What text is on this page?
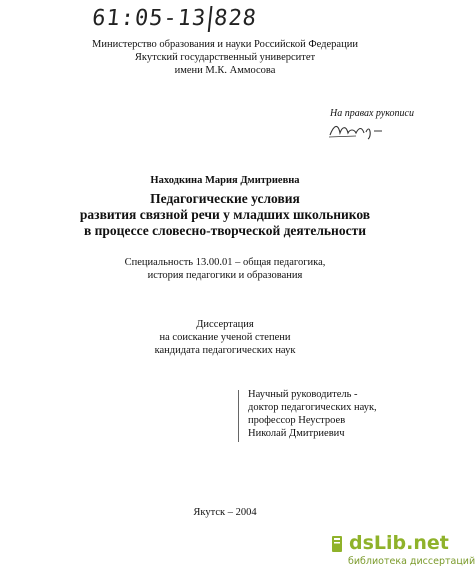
61:05-13 828
Министерство образования и науки Российской Федерации
Якутский государственный университет
имени М.К. Аммосова
На правах рукописи
Находкина Мария Дмитриевна
Педагогические условия
развития связной речи у младших школьников
в процессе словесно-творческой деятельности
Специальность 13.00.01 – общая педагогика,
история педагогики и образования
Диссертация
на соискание ученой степени
кандидата педагогических наук
Научный руководитель -
доктор педагогических наук,
профессор Неустроев
Николай Дмитриевич
Якутск – 2004
dsLib.net
библиотека диссертаций
